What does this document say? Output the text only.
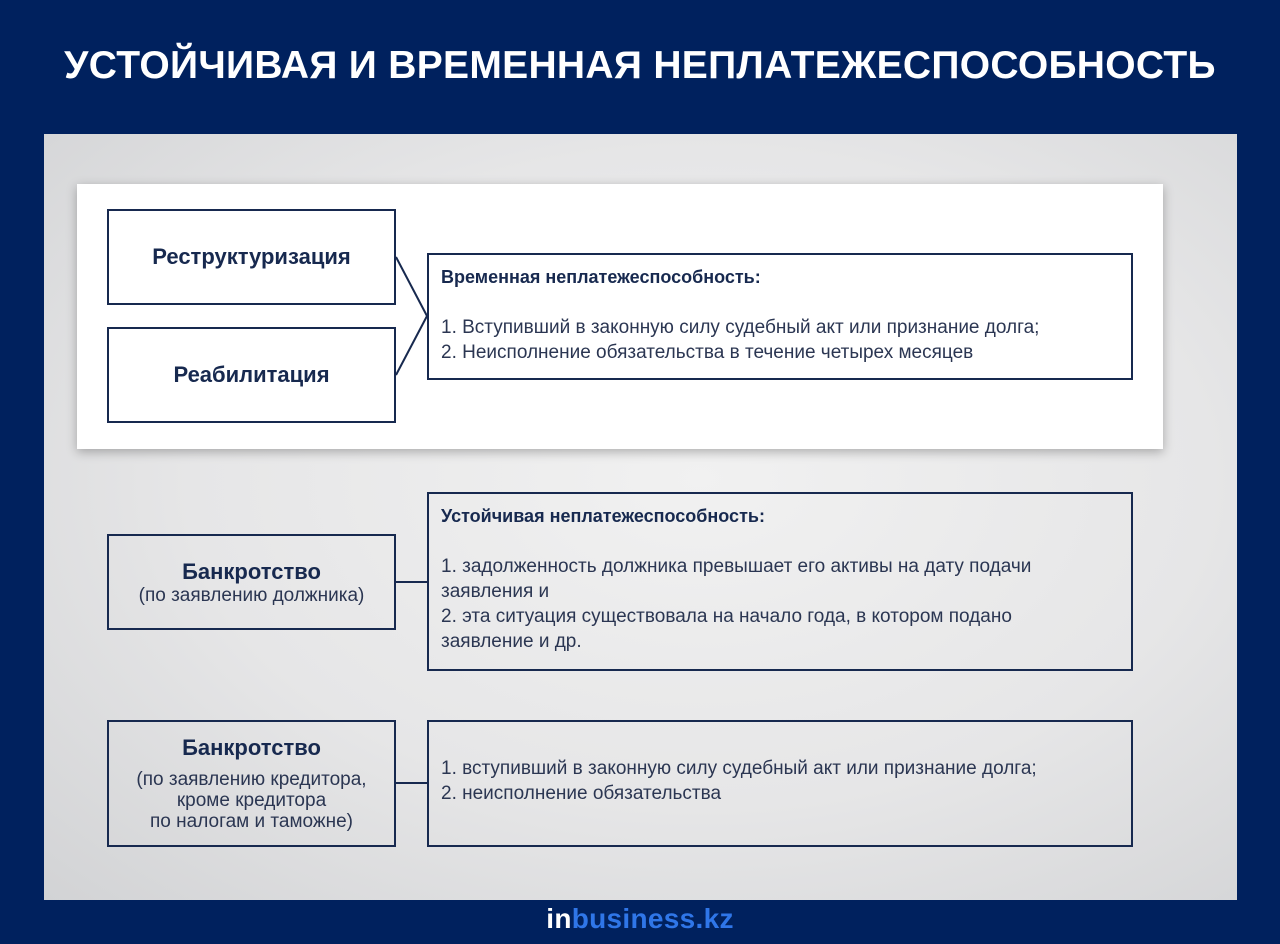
УСТОЙЧИВАЯ И ВРЕМЕННАЯ НЕПЛАТЕЖЕСПОСОБНОСТЬ
Реструктуризация
Реабилитация
Временная неплатежеспособность:
1. Вступивший в законную силу судебный акт или признание долга;
2. Неисполнение обязательства в течение четырех месяцев
Банкротство
(по заявлению должника)
Устойчивая неплатежеспособность:
1. задолженность должника превышает его активы на дату подачи
заявления и
2. эта ситуация существовала на начало года, в котором подано
заявление и др.
Банкротство
(по заявлению кредитора,
кроме кредитора
по налогам и таможне)
1. вступивший в законную силу судебный акт или признание долга;
2. неисполнение обязательства
inbusiness.kz
